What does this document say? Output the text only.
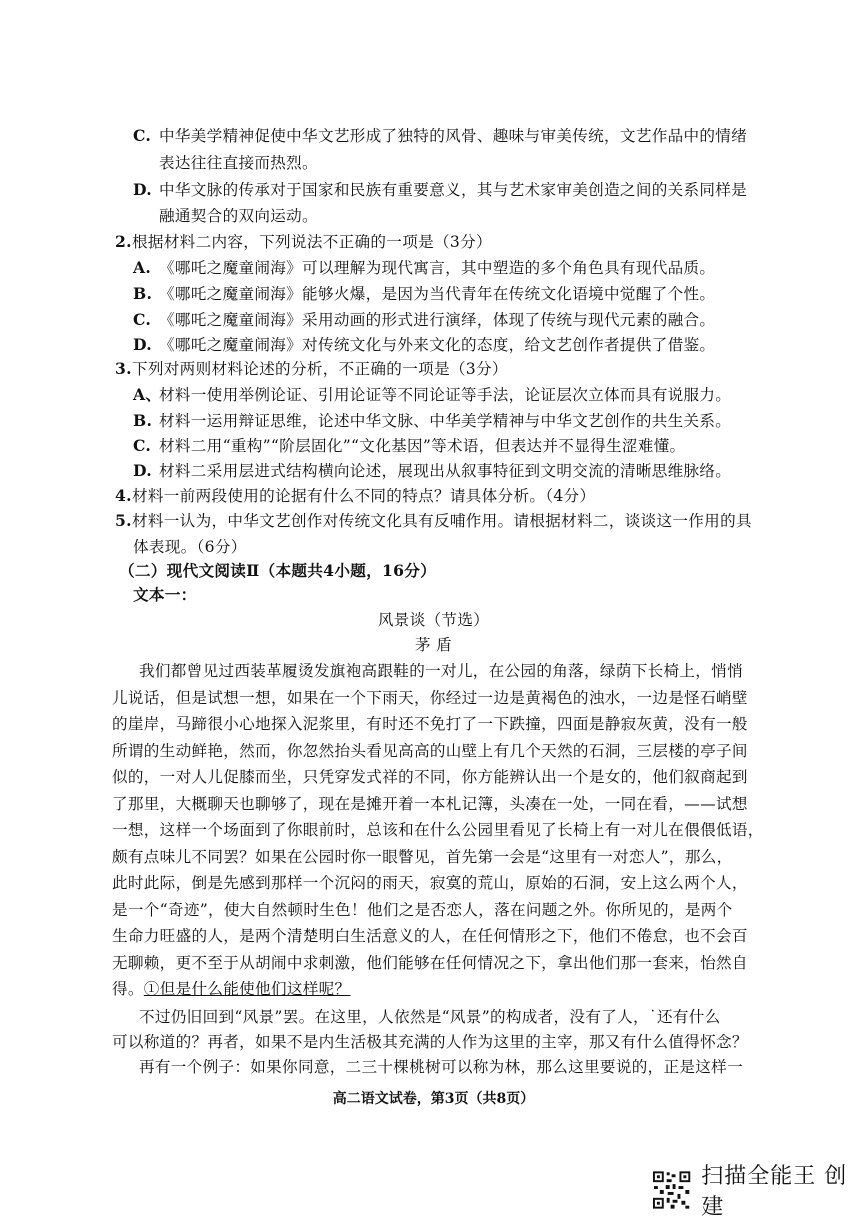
C. 中华美学精神促使中华文艺形成了独特的风骨、趣味与审美传统，文艺作品中的情绪
表达往往直接而热烈。
D. 中华文脉的传承对于国家和民族有重要意义，其与艺术家审美创造之间的关系同样是
融通契合的双向运动。
2.根据材料二内容，下列说法不正确的一项是（3分）
A. 《哪吒之魔童闹海》可以理解为现代寓言，其中塑造的多个角色具有现代品质。
B. 《哪吒之魔童闹海》能够火爆，是因为当代青年在传统文化语境中觉醒了个性。
C. 《哪吒之魔童闹海》采用动画的形式进行演绎，体现了传统与现代元素的融合。
D. 《哪吒之魔童闹海》对传统文化与外来文化的态度，给文艺创作者提供了借鉴。
3.下列对两则材料论述的分析，不正确的一项是（3分）
A、材料一使用举例论证、引用论证等不同论证等手法，论证层次立体而具有说服力。
B. 材料一运用辩证思维，论述中华文脉、中华美学精神与中华文艺创作的共生关系。
C. 材料二用“重构”“阶层固化”“文化基因”等术语，但表达并不显得生涩难懂。
D. 材料二采用层进式结构横向论述，展现出从叙事特征到文明交流的清晰思维脉络。
4.材料一前两段使用的论据有什么不同的特点？请具体分析。（4分）
5.材料一认为，中华文艺创作对传统文化具有反哺作用。请根据材料二，谈谈这一作用的具
体表现。（6分）
（二）现代文阅读Ⅱ（本题共4小题，16分）
文本一：
风景谈（节选）
茅 盾
我们都曾见过西装革履烫发旗袍高跟鞋的一对儿，在公园的角落，绿荫下长椅上，悄悄
儿说话，但是试想一想，如果在一个下雨天，你经过一边是黄褐色的浊水，一边是怪石峭壁
的崖岸，马蹄很小心地探入泥浆里，有时还不免打了一下跌撞，四面是静寂灰黄，没有一般
所谓的生动鲜艳，然而，你忽然抬头看见高高的山壁上有几个天然的石洞，三层楼的亭子间
似的，一对人儿促膝而坐，只凭穿发式祥的不同，你方能辨认出一个是女的，他们叙商起到
了那里，大概聊天也聊够了，现在是摊开着一本札记簿，头凑在一处，一同在看，——试想
一想，这样一个场面到了你眼前时，总该和在什么公园里看见了长椅上有一对儿在偎偎低语，
颇有点味儿不同罢？如果在公园时你一眼瞥见，首先第一会是“这里有一对恋人”，那么，
此时此际，倒是先感到那样一个沉闷的雨天，寂寞的荒山，原始的石洞，安上这么两个人，
是一个“奇迹”，使大自然顿时生色！他们之是否恋人，落在问题之外。你所见的，是两个
生命力旺盛的人，是两个清楚明白生活意义的人，在任何情形之下，他们不倦怠，也不会百
无聊赖，更不至于从胡闹中求刺激，他们能够在任何情况之下，拿出他们那一套来，怡然自
得。①但是什么能使他们这样呢？
不过仍旧回到“风景”罢。在这里，人依然是“风景”的构成者，没有了人，˙还有什么
可以称道的？再者，如果不是内生活极其充满的人作为这里的主宰，那又有什么值得怀念？
再有一个例子：如果你同意，二三十棵桃树可以称为林，那么这里要说的，正是这样一
高二语文试卷，第3页（共8页）
扫描全能王 创建
